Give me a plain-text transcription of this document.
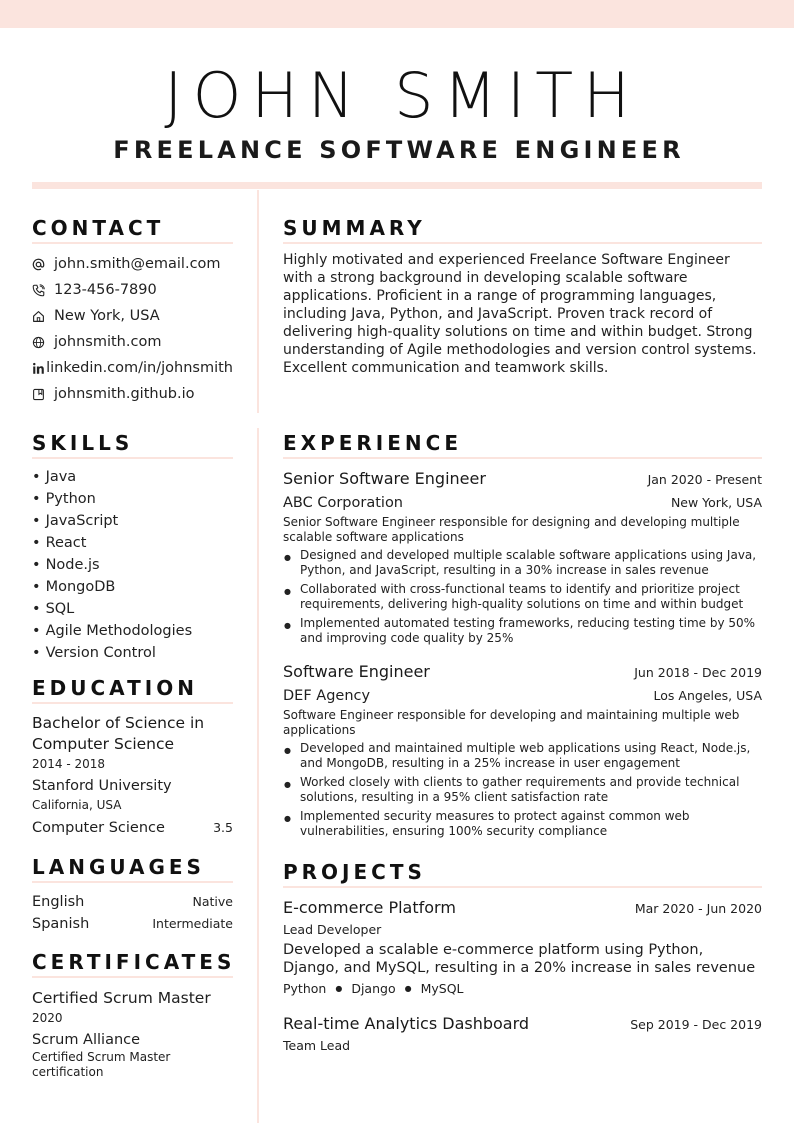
JOHN SMITH
FREELANCE SOFTWARE ENGINEER
CONTACT
john.smith@email.com
123-456-7890
New York, USA
johnsmith.com
linkedin.com/in/johnsmith
johnsmith.github.io
SUMMARY
Highly motivated and experienced Freelance Software Engineer with a strong background in developing scalable software applications. Proficient in a range of programming languages, including Java, Python, and JavaScript. Proven track record of delivering high-quality solutions on time and within budget. Strong understanding of Agile methodologies and version control systems. Excellent communication and teamwork skills.
SKILLS
• Java
• Python
• JavaScript
• React
• Node.js
• MongoDB
• SQL
• Agile Methodologies
• Version Control
EDUCATION
Bachelor of Science in Computer Science
2014 - 2018
Stanford University
California, USA
Computer Science	3.5
LANGUAGES
English	Native
Spanish	Intermediate
CERTIFICATES
Certified Scrum Master
2020
Scrum Alliance
Certified Scrum Master certification
EXPERIENCE
Senior Software Engineer	Jan 2020 - Present
ABC Corporation	New York, USA
Senior Software Engineer responsible for designing and developing multiple scalable software applications
● Designed and developed multiple scalable software applications using Java, Python, and JavaScript, resulting in a 30% increase in sales revenue
● Collaborated with cross-functional teams to identify and prioritize project requirements, delivering high-quality solutions on time and within budget
● Implemented automated testing frameworks, reducing testing time by 50% and improving code quality by 25%
Software Engineer	Jun 2018 - Dec 2019
DEF Agency	Los Angeles, USA
Software Engineer responsible for developing and maintaining multiple web applications
● Developed and maintained multiple web applications using React, Node.js, and MongoDB, resulting in a 25% increase in user engagement
● Worked closely with clients to gather requirements and provide technical solutions, resulting in a 95% client satisfaction rate
● Implemented security measures to protect against common web vulnerabilities, ensuring 100% security compliance
PROJECTS
E-commerce Platform	Mar 2020 - Jun 2020
Lead Developer
Developed a scalable e-commerce platform using Python, Django, and MySQL, resulting in a 20% increase in sales revenue
Python ● Django ● MySQL
Real-time Analytics Dashboard	Sep 2019 - Dec 2019
Team Lead
